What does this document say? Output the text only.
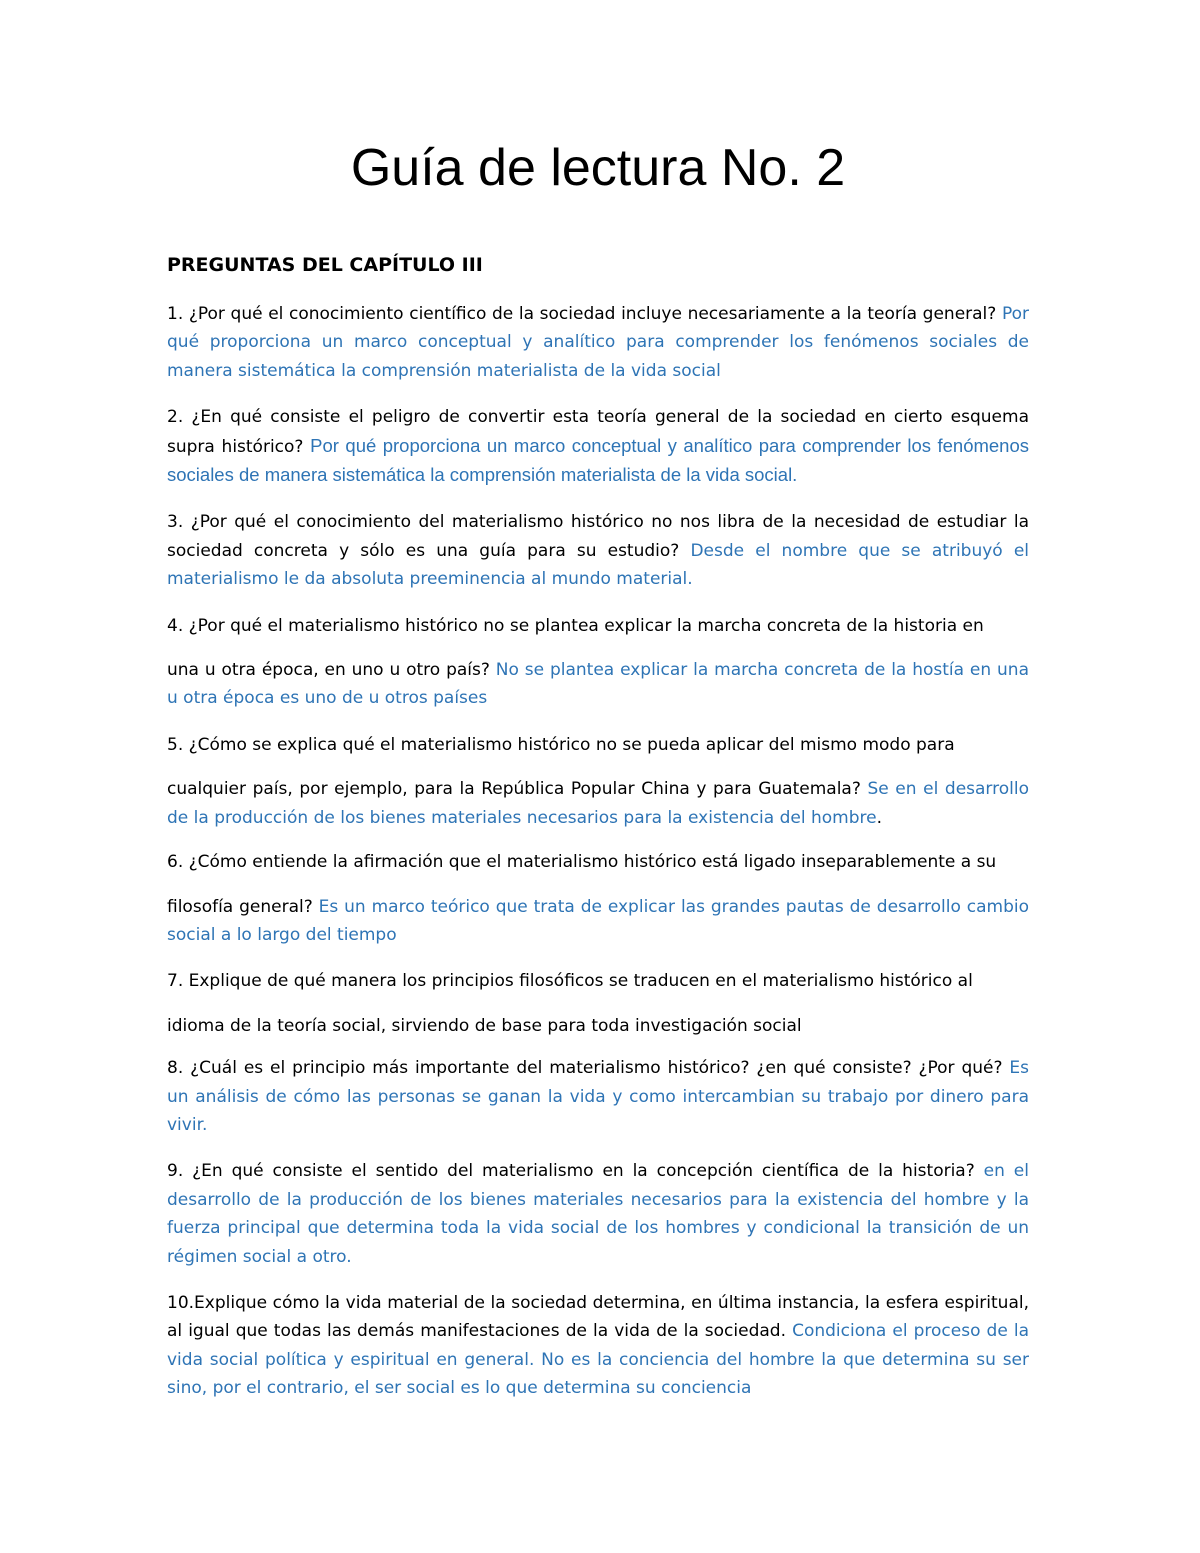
Guía de lectura No. 2
PREGUNTAS DEL CAPÍTULO III

1. ¿Por qué el conocimiento científico de la sociedad incluye necesariamente a la teoría general? Por qué proporciona un marco conceptual y analítico para comprender los fenómenos sociales de manera sistemática la comprensión materialista de la vida social

2. ¿En qué consiste el peligro de convertir esta teoría general de la sociedad en cierto esquema supra histórico? Por qué proporciona un marco conceptual y analítico para comprender los fenómenos sociales de manera sistemática la comprensión materialista de la vida social.

3. ¿Por qué el conocimiento del materialismo histórico no nos libra de la necesidad de estudiar la sociedad concreta y sólo es una guía para su estudio? Desde el nombre que se atribuyó el materialismo le da absoluta preeminencia al mundo material.

4. ¿Por qué el materialismo histórico no se plantea explicar la marcha concreta de la historia en
una u otra época, en uno u otro país? No se plantea explicar la marcha concreta de la hostía en una u otra época es uno de u otros países

5. ¿Cómo se explica qué el materialismo histórico no se pueda aplicar del mismo modo para
cualquier país, por ejemplo, para la República Popular China y para Guatemala? Se en el desarrollo de la producción de los bienes materiales necesarios para la existencia del hombre.

6. ¿Cómo entiende la afirmación que el materialismo histórico está ligado inseparablemente a su
filosofía general? Es un marco teórico que trata de explicar las grandes pautas de desarrollo cambio social a lo largo del tiempo

7. Explique de qué manera los principios filosóficos se traducen en el materialismo histórico al
idioma de la teoría social, sirviendo de base para toda investigación social

8. ¿Cuál es el principio más importante del materialismo histórico? ¿en qué consiste? ¿Por qué? Es un análisis de cómo las personas se ganan la vida y como intercambian su trabajo por dinero para vivir.

9. ¿En qué consiste el sentido del materialismo en la concepción científica de la historia? en el desarrollo de la producción de los bienes materiales necesarios para la existencia del hombre y la fuerza principal que determina toda la vida social de los hombres y condicional la transición de un régimen social a otro.

10.Explique cómo la vida material de la sociedad determina, en última instancia, la esfera espiritual, al igual que todas las demás manifestaciones de la vida de la sociedad. Condiciona el proceso de la vida social política y espiritual en general. No es la conciencia del hombre la que determina su ser sino, por el contrario, el ser social es lo que determina su conciencia
